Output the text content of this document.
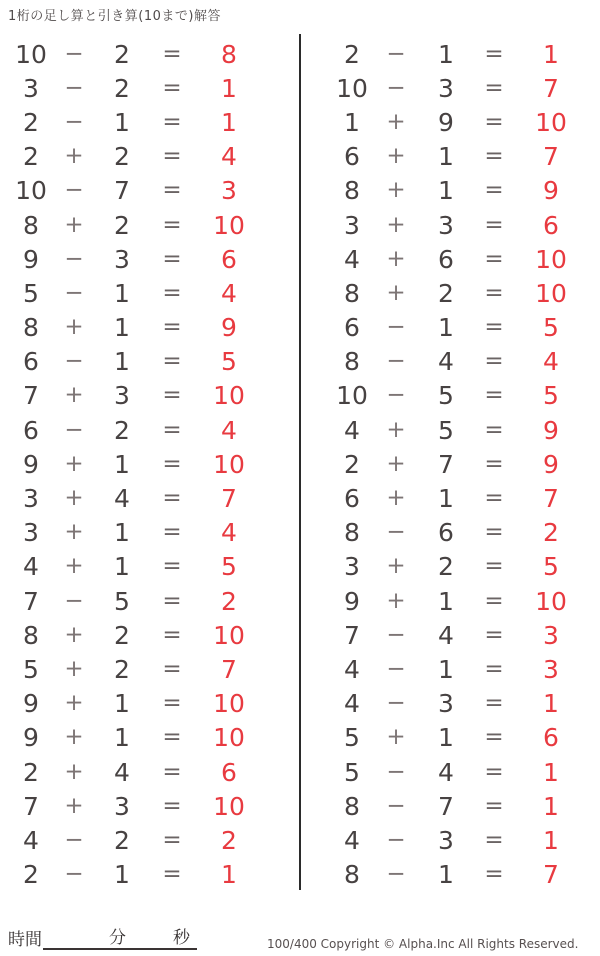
1桁の足し算と引き算(10まで)解答
10 −	2	=	8
3	−	2	=	1
2	−	1	=	1
2	+	2	=	4
10 −	7	=	3
8	+	2	=	10
9	−	3	=	6
5	−	1	=	4
8	+	1	=	9
6	−	1	=	5
7	+	3	=	10
6	−	2	=	4
9	+	1	=	10
3	+	4	=	7
3	+	1	=	4
4	+	1	=	5
7	−	5	=	2
8	+	2	=	10
5	+	2	=	7
9	+	1	=	10
9	+	1	=	10
2	+	4	=	6
7	+	3	=	10
4	−	2	=	2
2	−	1	=	1
2	−	1	=	1
10 −	3	=	7
1	+	9	=	10
6	+	1	=	7
8	+	1	=	9
3	+	3	=	6
4	+	6	=	10
8	+	2	=	10
6	−	1	=	5
8	−	4	=	4
10 −	5	=	5
4	+	5	=	9
2	+	7	=	9
6	+	1	=	7
8	−	6	=	2
3	+	2	=	5
9	+	1	=	10
7	−	4	=	3
4	−	1	=	3
4	−	3	=	1
5	+	1	=	6
5	−	4	=	1
8	−	7	=	1
4	−	3	=	1
8	−	1	=	7
時間	分	秒	100/400 Copyright © Alpha.Inc All Rights Reserved.
